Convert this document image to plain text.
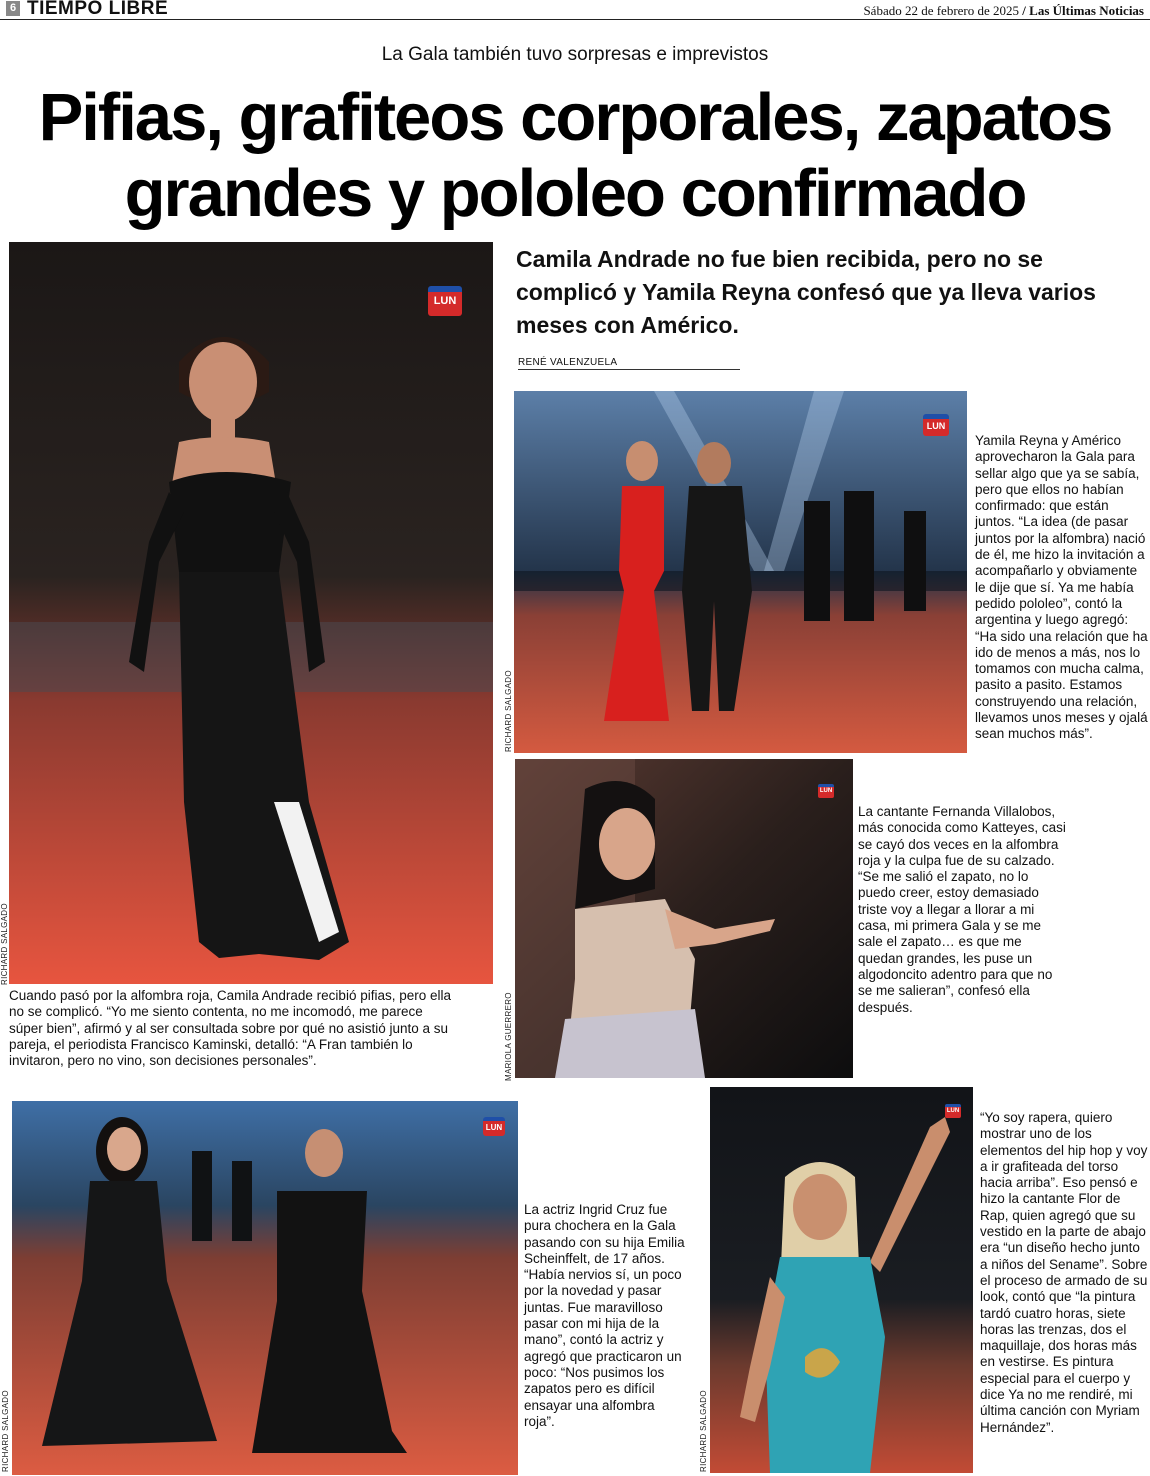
6 TIEMPO LIBRE	Sábado 22 de febrero de 2025 / Las Últimas Noticias
La Gala también tuvo sorpresas e imprevistos
Pifias, grafiteos corporales, zapatos
grandes y pololeo confirmado
Camila Andrade no fue bien recibida, pero no se complicó y Yamila Reyna confesó que ya lleva varios meses con Américo.
RENÉ VALENZUELA
LUN
RICHARD SALGADO
Cuando pasó por la alfombra roja, Camila Andrade recibió pifias, pero ella no se complicó. “Yo me siento contenta, no me incomodó, me parece súper bien”, afirmó y al ser consultada sobre por qué no asistió junto a su pareja, el periodista Francisco Kaminski, detalló: “A Fran también lo invitaron, pero no vino, son decisiones personales”.
LUN
RICHARD SALGADO
Yamila Reyna y Américo aprovecharon la Gala para sellar algo que ya se sabía, pero que ellos no habían confirmado: que están juntos. “La idea (de pasar juntos por la alfombra) nació de él, me hizo la invitación a acompañarlo y obviamente le dije que sí. Ya me había pedido pololeo”, contó la argentina y luego agregó: “Ha sido una relación que ha ido de menos a más, nos lo tomamos con mucha calma, pasito a pasito. Estamos construyendo una relación, llevamos unos meses y ojalá sean muchos más”.
LUN
MARIOLA GUERRERO
La cantante Fernanda Villalobos, más conocida como Katteyes, casi se cayó dos veces en la alfombra roja y la culpa fue de su calzado. “Se me salió el zapato, no lo puedo creer, estoy demasiado triste voy a llegar a llorar a mi casa, mi primera Gala y se me sale el zapato… es que me quedan grandes, les puse un algodoncito adentro para que no se me salieran”, confesó ella después.
LUN
RICHARD SALGADO
La actriz Ingrid Cruz fue pura chochera en la Gala pasando con su hija Emilia Scheinffelt, de 17 años. “Había nervios sí, un poco por la novedad y pasar juntas. Fue maravilloso pasar con mi hija de la mano”, contó la actriz y agregó que practicaron un poco: “Nos pusimos los zapatos pero es difícil ensayar una alfombra roja”.
LUN
RICHARD SALGADO
“Yo soy rapera, quiero mostrar uno de los elementos del hip hop y voy a ir grafiteada del torso hacia arriba”. Eso pensó e hizo la cantante Flor de Rap, quien agregó que su vestido en la parte de abajo era “un diseño hecho junto a niños del Sename”. Sobre el proceso de armado de su look, contó que “la pintura tardó cuatro horas, siete horas las trenzas, dos el maquillaje, dos horas más en vestirse. Es pintura especial para el cuerpo y dice Ya no me rendiré, mi última canción con Myriam Hernández”.
